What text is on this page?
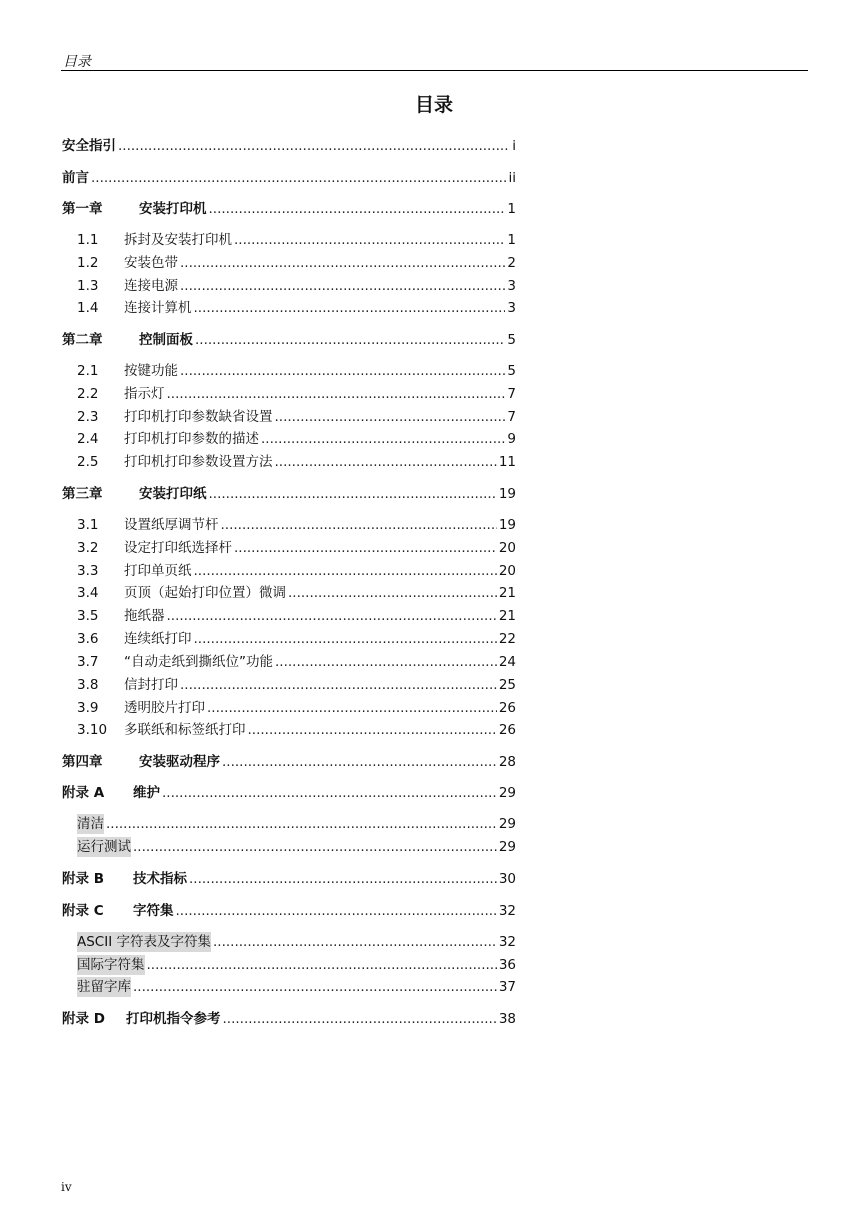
目录
目录
安全指引 .....	i
前言 .....	ii
第一章	安装打印机 .....	1
1.1	拆封及安装打印机 .....	1
1.2	安装色带 .....	2
1.3	连接电源 .....	3
1.4	连接计算机 .....	3
第二章	控制面板 .....	5
2.1	按键功能 .....	5
2.2	指示灯 .....	7
2.3	打印机打印参数缺省设置 .....	7
2.4	打印机打印参数的描述 .....	9
2.5	打印机打印参数设置方法 .....	11
第三章	安装打印纸 .....	19
3.1	设置纸厚调节杆 .....	19
3.2	设定打印纸选择杆 .....	20
3.3	打印单页纸 .....	20
3.4	页顶（起始打印位置）微调 .....	21
3.5	拖纸器 .....	21
3.6	连续纸打印 .....	22
3.7	“自动走纸到撕纸位”功能 .....	24
3.8	信封打印 .....	25
3.9	透明胶片打印 .....	26
3.10	多联纸和标签纸打印 .....	26
第四章	安装驱动程序 .....	28
附录 A	维护 .....	29
清洁 .....	29
运行测试 .....	29
附录 B	技术指标 .....	30
附录 C	字符集 .....	32
ASCII 字符表及字符集 .....	32
国际字符集 .....	36
驻留字库 .....	37
附录 D	打印机指令参考 .....	38
iv
